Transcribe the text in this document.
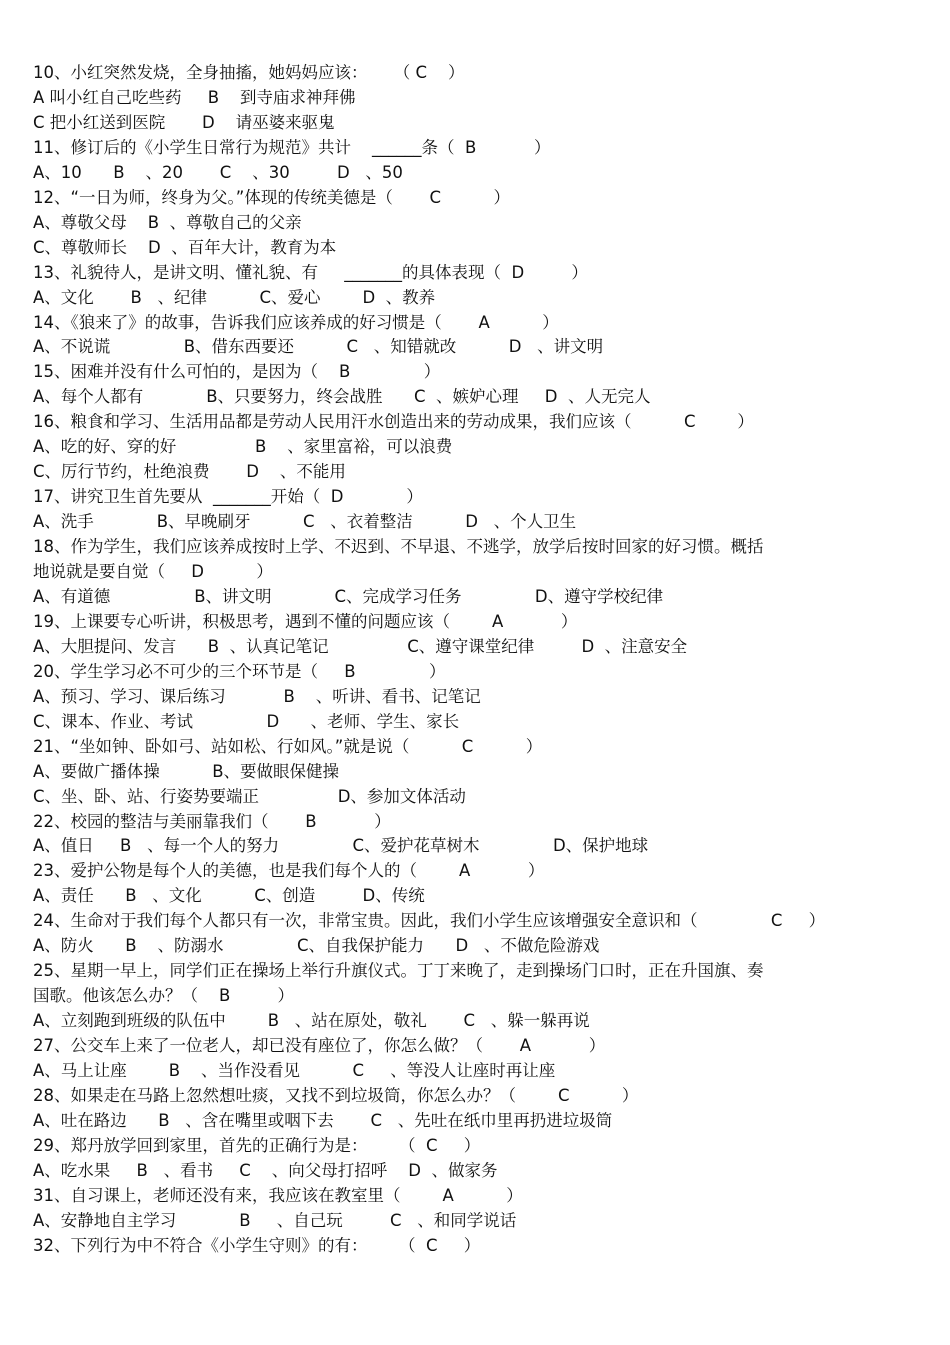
10、小红突然发烧，全身抽搐，她妈妈应该：     （ C    ）
A 叫小红自己吃些药     B    到寺庙求神拜佛
C 把小红送到医院       D    请巫婆来驱鬼
11、修订后的《小学生日常行为规范》共计    ______条（  B           ）
A、10      B    、20       C    、30         D   、50
12、“一日为师，终身为父。”体现的传统美德是（       C          ）
A、尊敬父母    B  、尊敬自己的父亲
C、尊敬师长    D  、百年大计，教育为本
13、礼貌待人，是讲文明、懂礼貌、有     _______的具体表现（  D         ）
A、文化       B   、纪律          C、爱心        D  、教养
14、《狼来了》的故事，告诉我们应该养成的好习惯是（       A          ）
A、不说谎              B、借东西要还          C   、知错就改          D   、讲文明
15、困难并没有什么可怕的，是因为（    B              ）
A、每个人都有            B、只要努力，终会战胜      C  、嫉妒心理     D  、人无完人
16、粮食和学习、生活用品都是劳动人民用汗水创造出来的劳动成果，我们应该（          C        ）
A、吃的好、穿的好               B    、家里富裕，可以浪费
C、厉行节约，杜绝浪费       D    、不能用
17、讲究卫生首先要从  _______开始（  D            ）
A、洗手            B、早晚刷牙          C   、衣着整洁          D   、个人卫生
18、作为学生，我们应该养成按时上学、不迟到、不早退、不逃学，放学后按时回家的好习惯。概括
地说就是要自觉（     D          ）
A、有道德                B、讲文明            C、完成学习任务              D、遵守学校纪律
19、上课要专心听讲，积极思考，遇到不懂的问题应该（        A           ）
A、大胆提问、发言      B  、认真记笔记               C、遵守课堂纪律         D  、注意安全
20、学生学习必不可少的三个环节是（     B              ）
A、预习、学习、课后练习           B    、听讲、看书、记笔记
C、课本、作业、考试              D      、老师、学生、家长
21、“坐如钟、卧如弓、站如松、行如风。”就是说（          C          ）
A、要做广播体操          B、要做眼保健操
C、坐、卧、站、行姿势要端正               D、参加文体活动
22、校园的整洁与美丽靠我们（       B           ）
A、值日     B   、每一个人的努力              C、爱护花草树木              D、保护地球
23、爱护公物是每个人的美德，也是我们每个人的（        A           ）
A、责任      B   、文化          C、创造         D、传统
24、生命对于我们每个人都只有一次，非常宝贵。因此，我们小学生应该增强安全意识和（              C     ）
A、防火      B    、防溺水              C、自我保护能力      D   、不做危险游戏
25、星期一早上，同学们正在操场上举行升旗仪式。丁丁来晚了，走到操场门口时，正在升国旗、奏
国歌。他该怎么办？（    B         ）
A、立刻跑到班级的队伍中        B   、站在原处，敬礼       C   、躲一躲再说
27、公交车上来了一位老人，却已没有座位了，你怎么做？（       A           ）
A、马上让座        B    、当作没看见          C     、等没人让座时再让座
28、如果走在马路上忽然想吐痰，又找不到垃圾筒，你怎么办？（        C          ）
A、吐在路边      B   、含在嘴里或咽下去       C   、先吐在纸巾里再扔进垃圾筒
29、郑丹放学回到家里，首先的正确行为是：      （  C     ）
A、吃水果     B   、看书     C    、向父母打招呼    D  、做家务
31、自习课上，老师还没有来，我应该在教室里（        A          ）
A、安静地自主学习            B     、自己玩         C   、和同学说话
32、下列行为中不符合《小学生守则》的有：      （  C     ）
